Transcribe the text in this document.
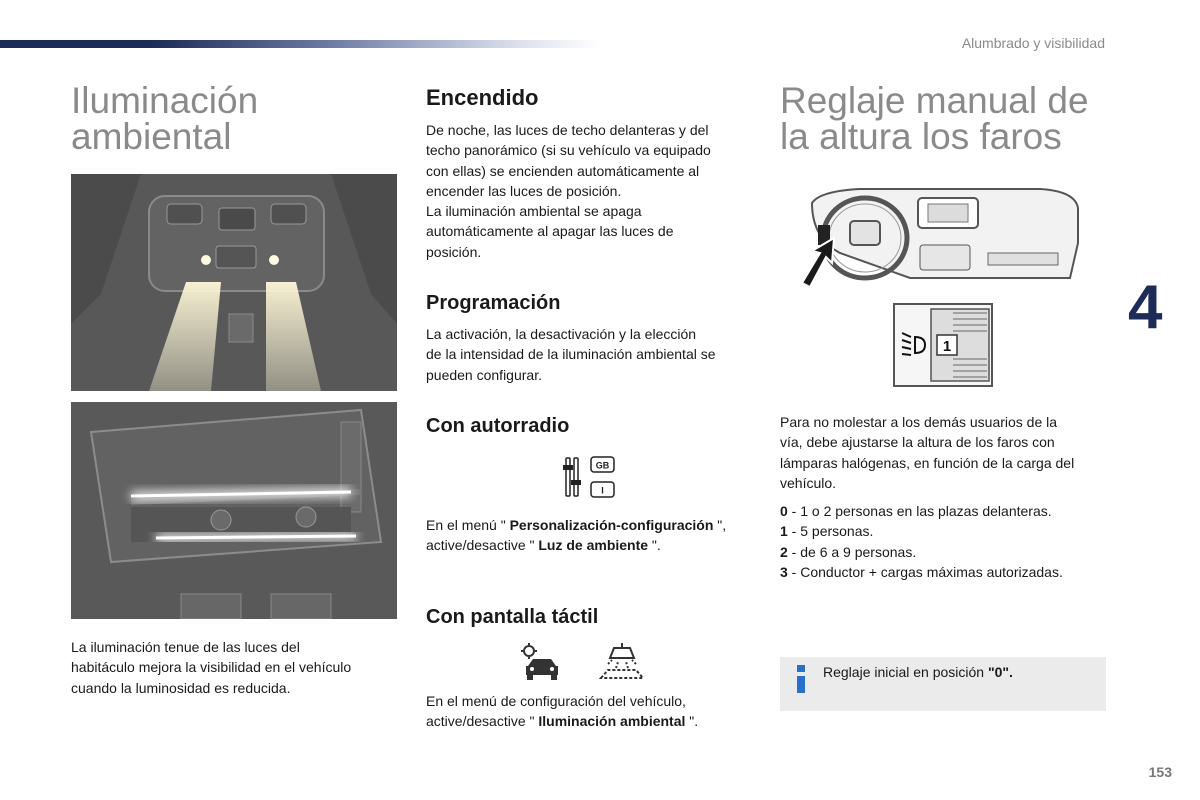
Alumbrado y visibilidad
4
153
Iluminación
ambiental

La iluminación tenue de las luces del
habitáculo mejora la visibilidad en el vehículo
cuando la luminosidad es reducida.

Encendido

De noche, las luces de techo delanteras y del
techo panorámico (si su vehículo va equipado
con ellas) se encienden automáticamente al
encender las luces de posición.
La iluminación ambiental se apaga
automáticamente al apagar las luces de
posición.

Programación

La activación, la desactivación y la elección
de la intensidad de la iluminación ambiental se
pueden configurar.

Con autorradio
GB
I

En el menú " Personalización-configuración ",
active/desactive " Luz de ambiente ".

Con pantalla táctil

En el menú de configuración del vehículo,
active/desactive " Iluminación ambiental ".

Reglaje manual de
la altura los faros
1

Para no molestar a los demás usuarios de la
vía, debe ajustarse la altura de los faros con
lámparas halógenas, en función de la carga del
vehículo.

0 - 1 o 2 personas en las plazas delanteras.
1 - 5 personas.
2 - de 6 a 9 personas.
3 - Conductor + cargas máximas autorizadas.
Reglaje inicial en posición "0".
